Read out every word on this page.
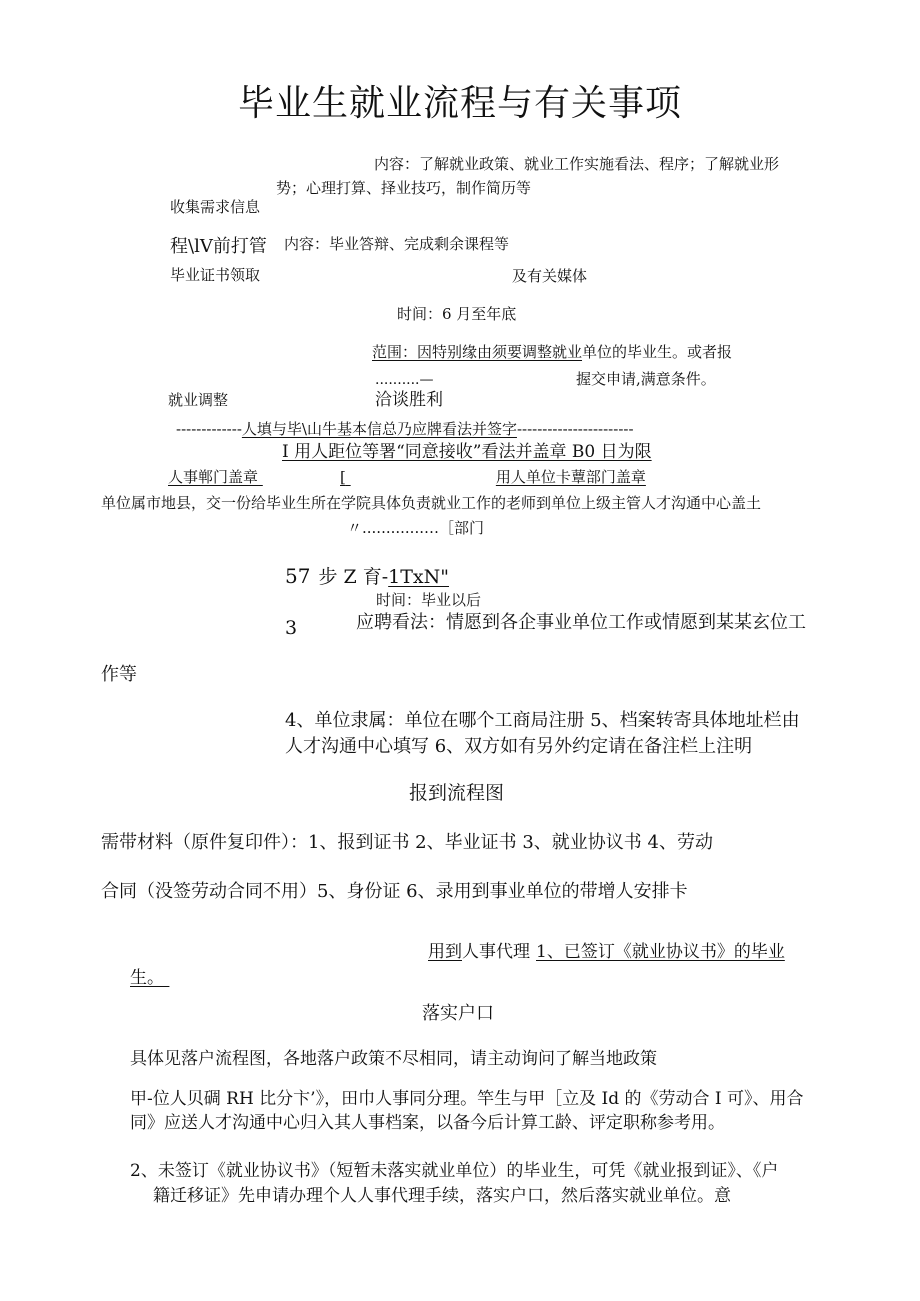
毕业生就业流程与有关事项
内容：了解就业政策、就业工作实施看法、程序；了解就业形
势；心理打算、择业技巧，制作简历等
收集需求信息
程\lV前打管 内容：毕业答辩、完成剩余课程等
毕业证书领取	及有关媒体
时间：6 月至年底
范围：因特别缘由须要调整就业单位的毕业生。或者报
..........—	握交申请,满意条件。
就业调整	洽谈胜利
-------------人填与毕\山牛基本信总乃应牌看法并签字-----------------------
I 用人距位等署“同意接收”看法并盖章 B0 日为限
人事郸门盖章	[	用人单位卡蕈部门盖章
单位属市地县，交一份给毕业生所在学院具体负责就业工作的老师到单位上级主管人才沟通中心盖土
〃.............…［部门
57 步 Z 育-1TxN"
时间：毕业以后
3	应聘看法：情愿到各企事业单位工作或情愿到某某玄位工
作等
4、单位隶属：单位在哪个工商局注册 5、档案转寄具体地址栏由
人才沟通中心填写 6、双方如有另外约定请在备注栏上注明
报到流程图
需带材料（原件复印件）：1、报到证书 2、毕业证书 3、就业协议书 4、劳动
合同（没签劳动合同不用）5、身份证 6、录用到事业单位的带增人安排卡
用到人事代理 1、已签订《就业协议书》的毕业
生。
落实户口
具体见落户流程图，各地落户政策不尽相同，请主动询问了解当地政策
甲-位人贝碉 RH 比分卞’》，田巾人事同分理。竿生与甲［立及 Id 的《劳动合 I 可》、用合
同》应送人才沟通中心归入其人事档案，以备今后计算工龄、评定职称参考用。
2、未签订《就业协议书》（短暂未落实就业单位）的毕业生，可凭《就业报到证》、《户
籍迁移证》先申请办理个人人事代理手续，落实户口，然后落实就业单位。意
